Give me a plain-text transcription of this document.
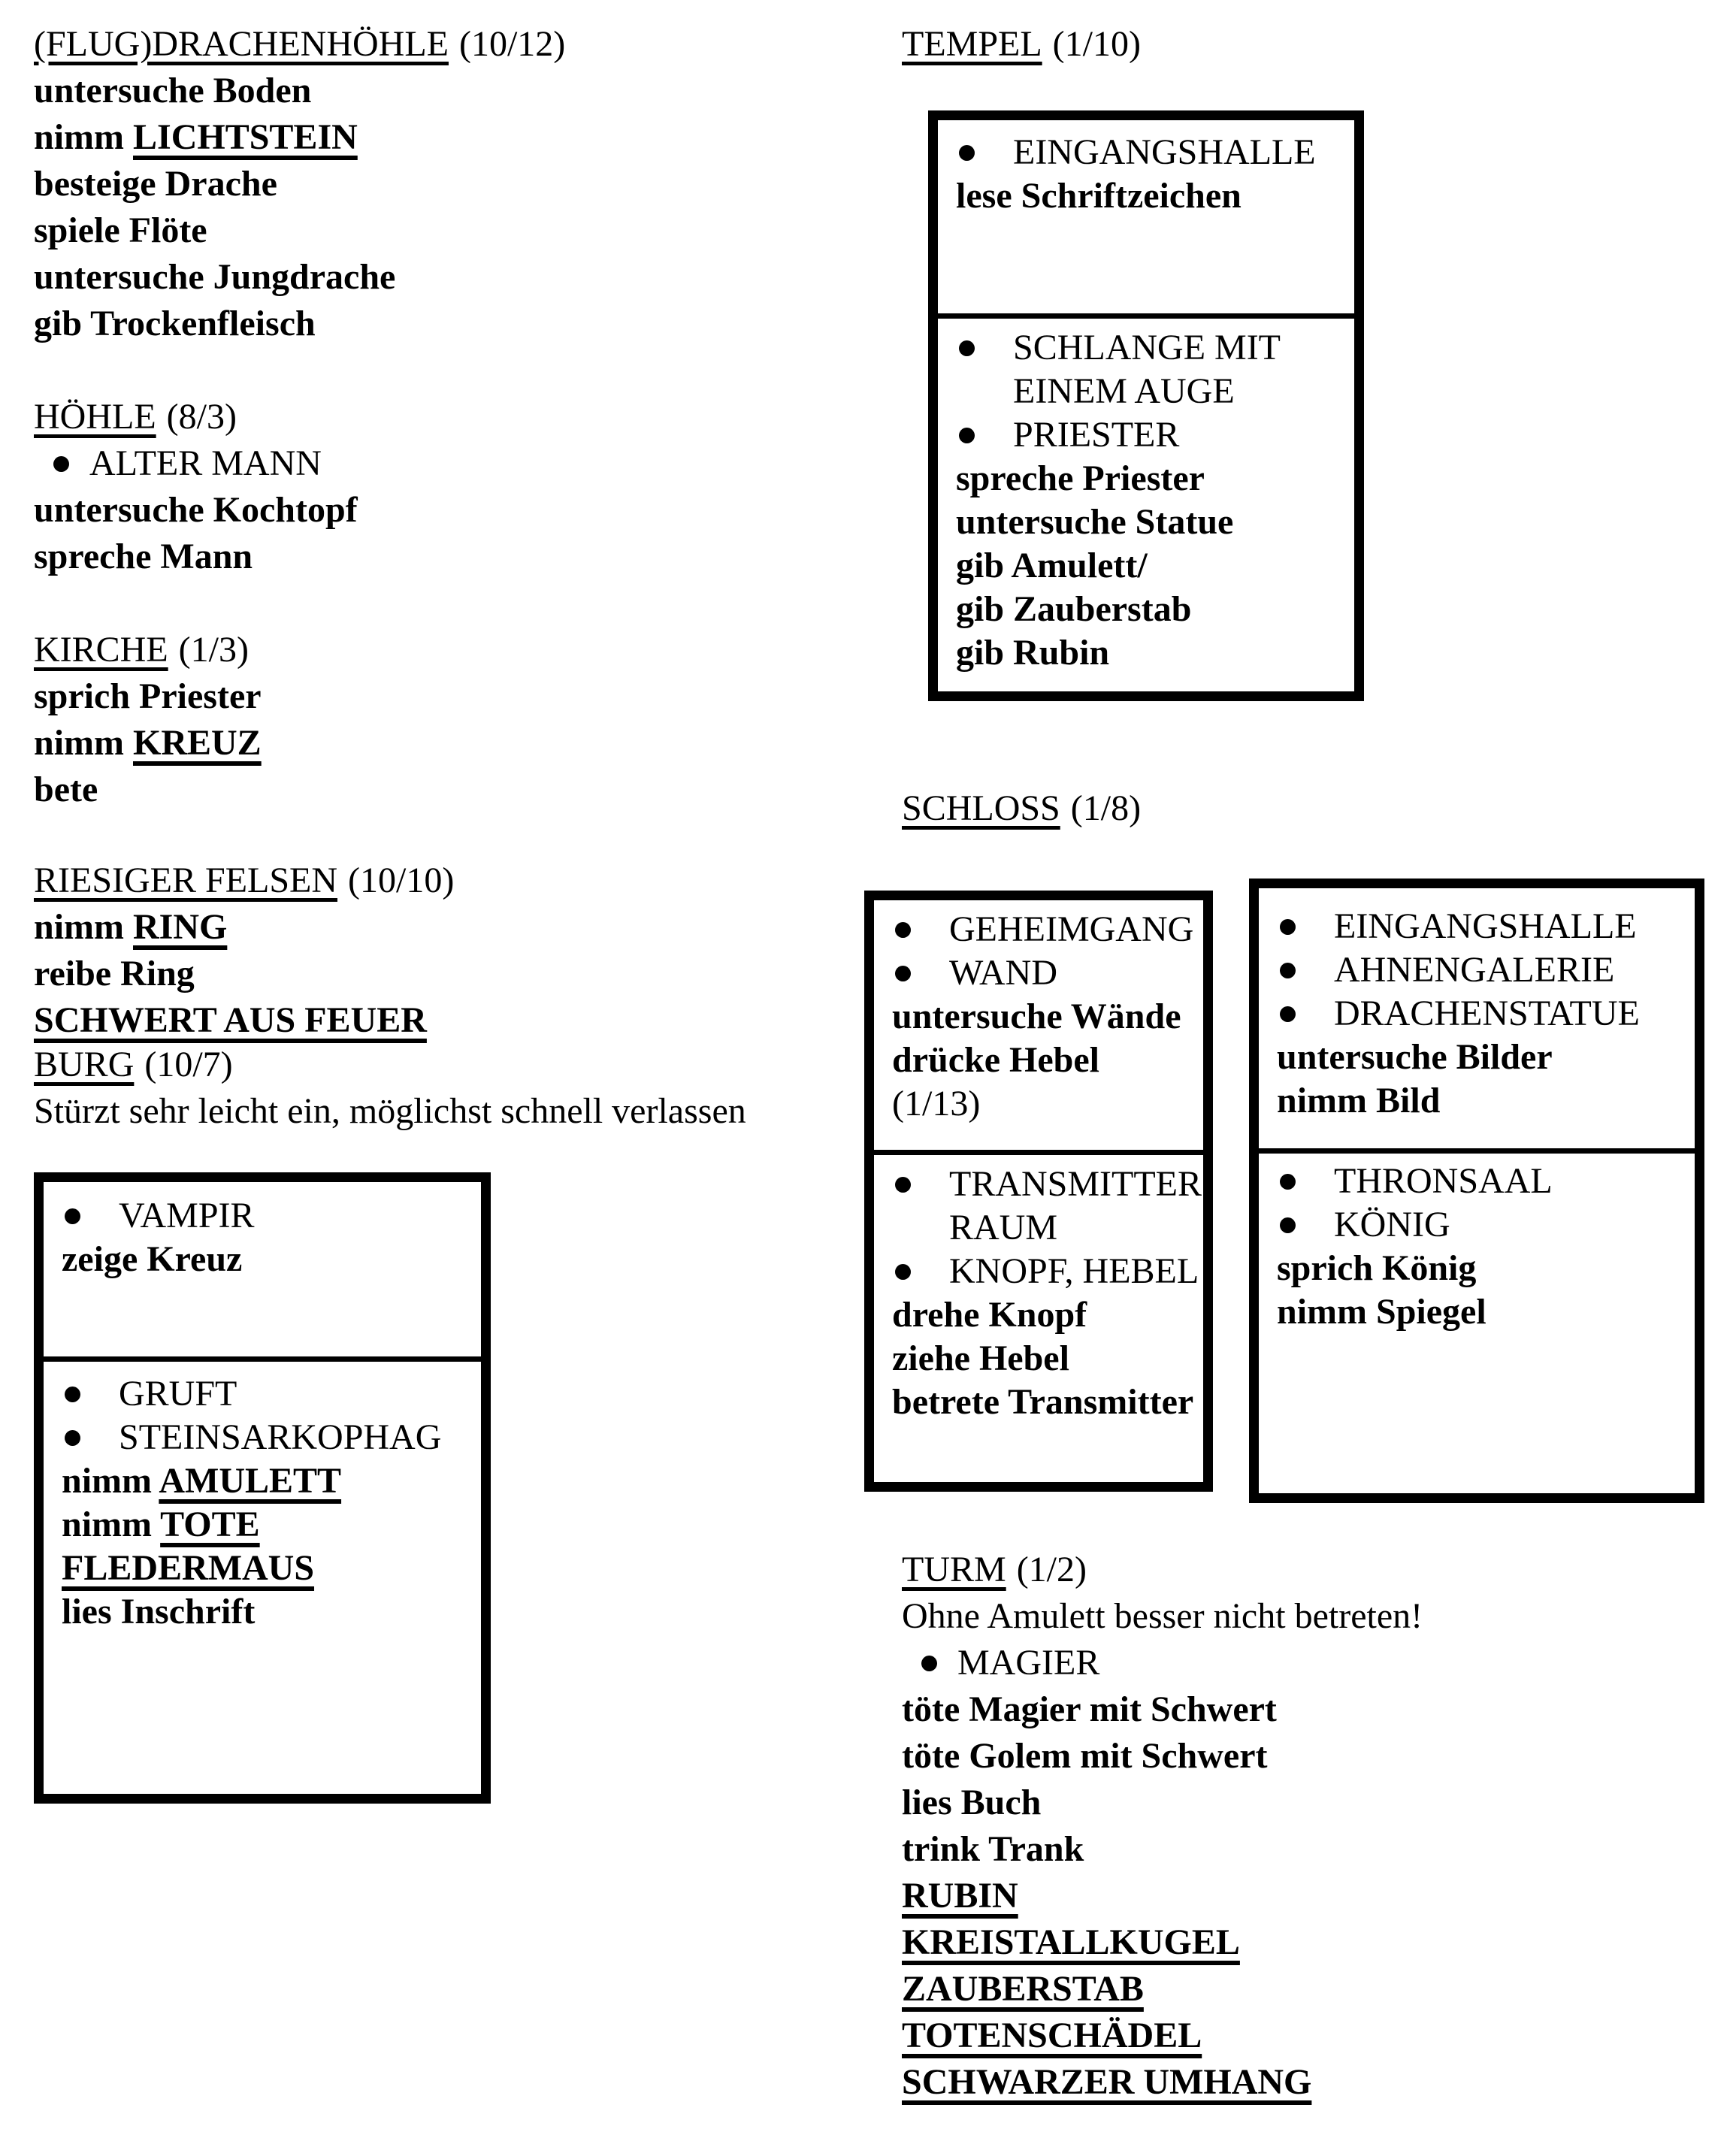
(FLUG)DRACHENHÖHLE (10/12)
untersuche Boden
nimm LICHTSTEIN
besteige Drache
spiele Flöte
untersuche Jungdrache
gib Trockenfleisch
HÖHLE (8/3)
ALTER MANN
untersuche Kochtopf
spreche Mann
KIRCHE (1/3)
sprich Priester
nimm KREUZ
bete
RIESIGER FELSEN (10/10)
nimm RING
reibe Ring
SCHWERT AUS FEUER
BURG (10/7)
Stürzt sehr leicht ein, möglichst schnell verlassen
VAMPIR
zeige Kreuz
GRUFT
STEINSARKOPHAG
nimm AMULETT
nimm TOTE
FLEDERMAUS
lies Inschrift
TEMPEL (1/10)
EINGANGSHALLE
lese Schriftzeichen
SCHLANGE MIT
EINEM AUGE
PRIESTER
spreche Priester
untersuche Statue
gib Amulett/
gib Zauberstab
gib Rubin
SCHLOSS (1/8)
GEHEIMGANG
WAND
untersuche Wände
drücke Hebel
(1/13)
TRANSMITTER
RAUM
KNOPF, HEBEL
drehe Knopf
ziehe Hebel
betrete Transmitter
EINGANGSHALLE
AHNENGALERIE
DRACHENSTATUE
untersuche Bilder
nimm Bild
THRONSAAL
KÖNIG
sprich König
nimm Spiegel
TURM (1/2)
Ohne Amulett besser nicht betreten!
MAGIER
töte Magier mit Schwert
töte Golem mit Schwert
lies Buch
trink Trank
RUBIN
KREISTALLKUGEL
ZAUBERSTAB
TOTENSCHÄDEL
SCHWARZER UMHANG
